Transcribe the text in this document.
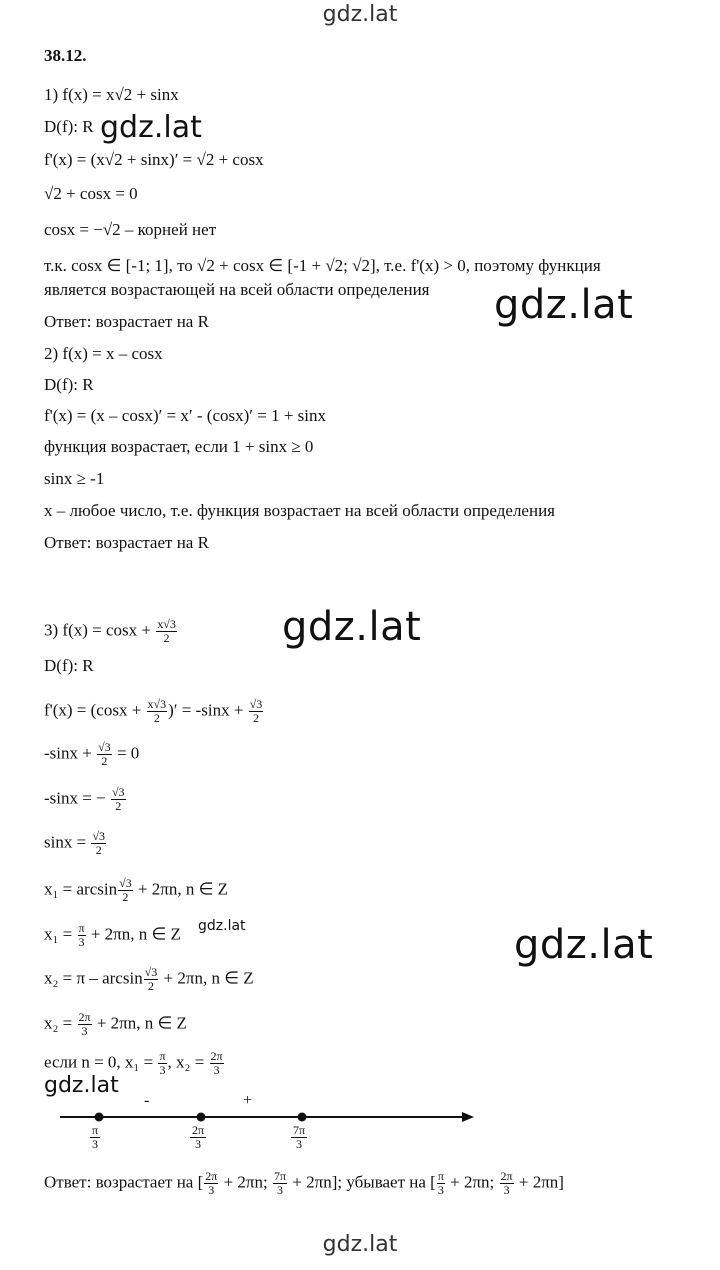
gdz.lat
gdz.lat
gdz.lat
gdz.lat
gdz.lat	gdz.lat
gdz.lat
gdz.lat
38.12.
1) f(x) = x√2 + sinx
D(f): R
f'(x) = (x√2 + sinx)′ = √2 + cosx
√2 + cosx = 0
cosx = −√2 – корней нет
т.к. cosx ∈ [-1; 1], то √2 + cosx ∈ [-1 + √2; √2], т.е. f'(x) > 0, поэтому функция
является возрастающей на всей области определения
Ответ: возрастает на R
2) f(x) = x – cosx
D(f): R
f'(x) = (x – cosx)′ = x′ - (cosx)′ = 1 + sinx
функция возрастает, если 1 + sinx ≥ 0
sinx ≥ -1
x – любое число, т.е. функция возрастает на всей области определения
Ответ: возрастает на R
3) $f(x) = \cos x + \frac{x√3}{2}$
D(f): R
$f'(x) = (\cos x + \frac{x√3}{2}$ )′ = $-\sin x + \frac{√3}{2}$
$-\sin x + \frac{√3}{2} = 0$
-sinx = − $\frac{√3}{2}$
$\sin x = \frac{√3}{2}$
$x_1 = \arcsin \frac{√3}{2} + 2\pi n$, n ∈ Z
$x_1 = \frac{\pi}{3} + 2\pi n$, n ∈ Z
$x_2 = \pi - \arcsin \frac{√3}{2} + 2\pi n$, n ∈ Z
$x_2 = \frac{2\pi}{3} + 2\pi n$, n ∈ Z
если n = 0, $x_1 = \frac{\pi}{3}$ , $x_2 = \frac{2\pi}{3}$
-	+
$\frac{\pi}{3}$	$\frac{2\pi}{3}$	$\frac{7\pi}{3}$
Ответ: возрастает на [ $\frac{2\pi}{3} + 2\pi n$; $\frac{7\pi}{3} + 2\pi n$]; убывает на [ $\frac{\pi}{3} + 2\pi n$; $\frac{2\pi}{3} + 2\pi n$]
